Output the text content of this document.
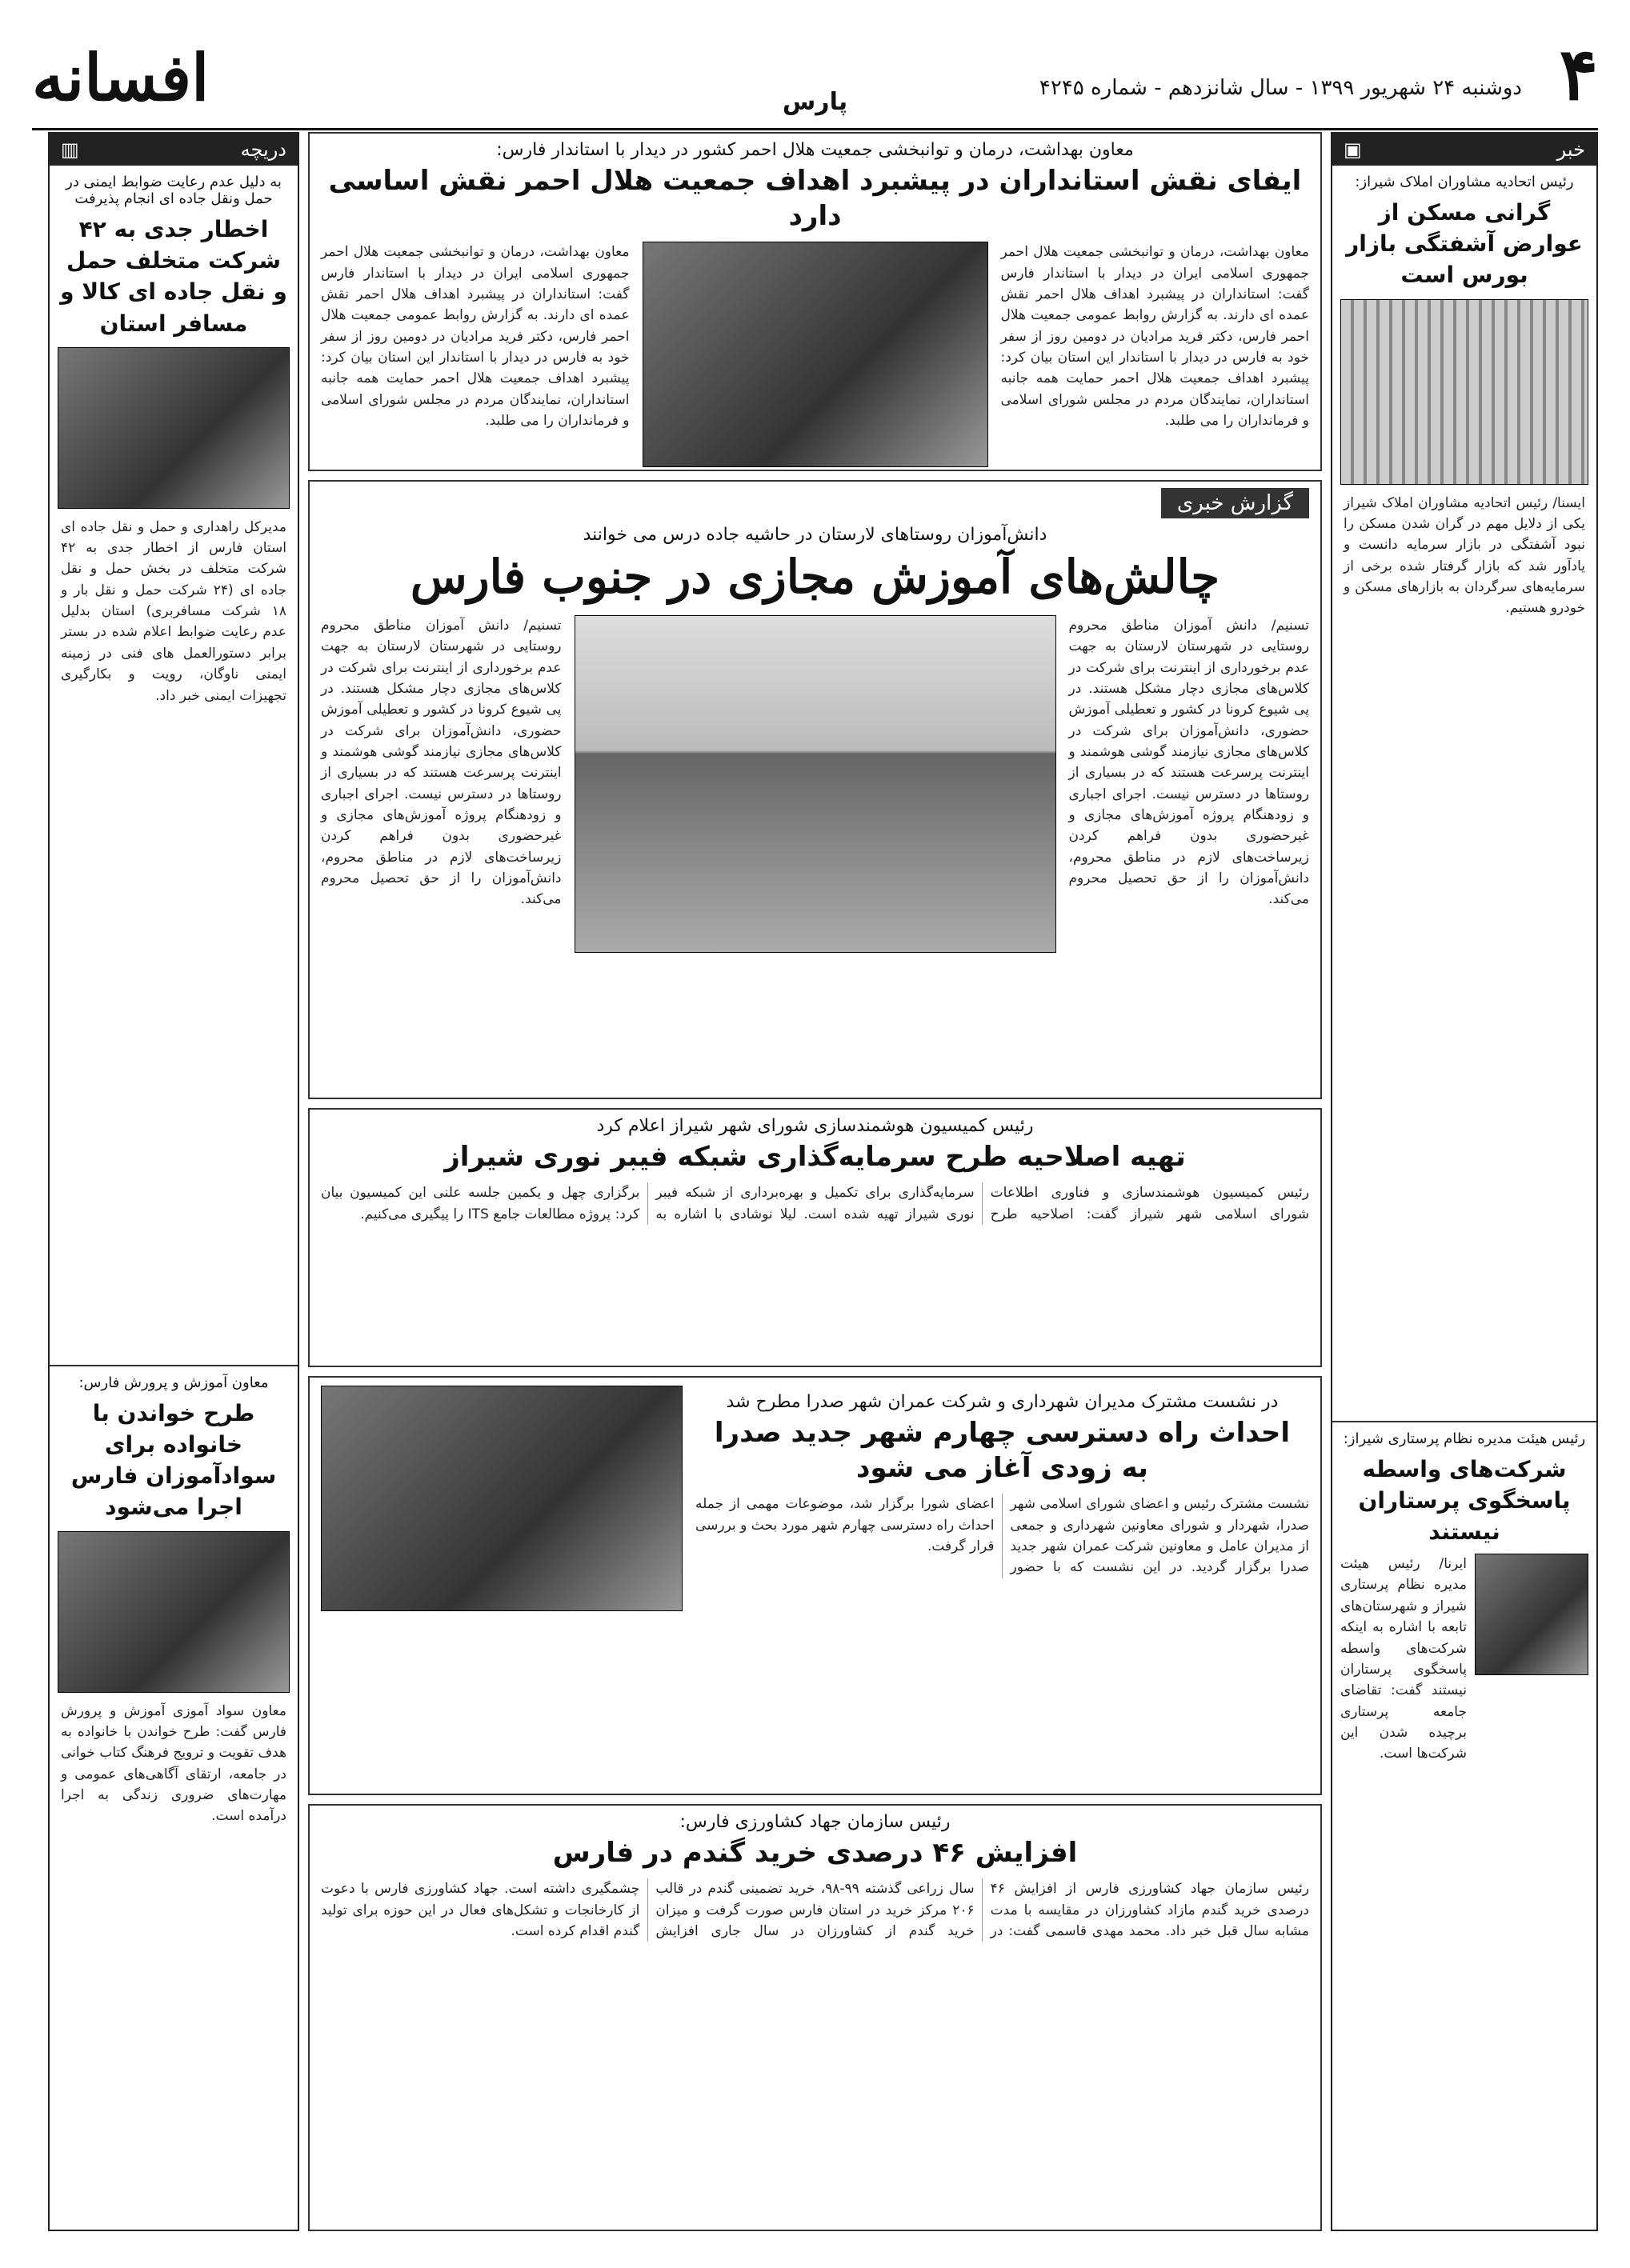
۴
دوشنبه ۲۴ شهریور ۱۳۹۹ - سال شانزدهم - شماره ۴۲۴۵
پارس
افسانه
خبر
▣
رئیس اتحادیه مشاوران املاک شیراز:
گرانی مسکن از عوارض آشفتگی بازار بورس است
ایسنا/ رئیس اتحادیه مشاوران املاک شیراز یکی از دلایل مهم در گران شدن مسکن را نبود آشفتگی در بازار سرمایه دانست و یادآور شد که بازار گرفتار شده برخی از سرمایه‌های سرگردان به بازارهای مسکن و خودرو هستیم.
رئیس هیئت مدیره نظام پرستاری شیراز:
شرکت‌های واسطه پاسخگوی پرستاران نیستند
ایرنا/ رئیس هیئت مدیره نظام پرستاری شیراز و شهرستان‌های تابعه با اشاره به اینکه شرکت‌های واسطه پاسخگوی پرستاران نیستند گفت: تقاضای جامعه پرستاری برچیده شدن این شرکت‌ها است.
دریچه
▥
به دلیل عدم رعایت ضوابط ایمنی در حمل ونقل جاده ای انجام پذیرفت
اخطار جدی به ۴۲ شرکت متخلف حمل و نقل جاده ای کالا و مسافر استان
مدیرکل راهداری و حمل و نقل جاده ای استان فارس از اخطار جدی به ۴۲ شرکت متخلف در بخش حمل و نقل جاده ای (۲۴ شرکت حمل و نقل بار و ۱۸ شرکت مسافربری) استان بدلیل عدم رعایت ضوابط اعلام شده در بستر برابر دستورالعمل های فنی در زمینه ایمنی ناوگان، رویت و بکارگیری تجهیزات ایمنی خبر داد.
معاون آموزش و پرورش فارس:
طرح خواندن با خانواده برای سوادآموزان فارس اجرا می‌شود
معاون سواد آموزی آموزش و پرورش فارس گفت: طرح خواندن با خانواده به هدف تقویت و ترویج فرهنگ کتاب خوانی در جامعه، ارتقای آگاهی‌های عمومی و مهارت‌های ضروری زندگی به اجرا درآمده است.
معاون بهداشت، درمان و توانبخشی جمعیت هلال احمر کشور در دیدار با استاندار فارس:
ایفای نقش استانداران در پیشبرد اهداف جمعیت هلال احمر نقش اساسی دارد
معاون بهداشت، درمان و توانبخشی جمعیت هلال احمر جمهوری اسلامی ایران در دیدار با استاندار فارس گفت: استانداران در پیشبرد اهداف هلال احمر نقش عمده ای دارند. به گزارش روابط عمومی جمعیت هلال احمر فارس، دکتر فرید مرادیان در دومین روز از سفر خود به فارس در دیدار با استاندار این استان بیان کرد: پیشبرد اهداف جمعیت هلال احمر حمایت همه جانبه استانداران، نمایندگان مردم در مجلس شورای اسلامی و فرمانداران را می طلبد.
معاون بهداشت، درمان و توانبخشی جمعیت هلال احمر جمهوری اسلامی ایران در دیدار با استاندار فارس گفت: استانداران در پیشبرد اهداف هلال احمر نقش عمده ای دارند. به گزارش روابط عمومی جمعیت هلال احمر فارس، دکتر فرید مرادیان در دومین روز از سفر خود به فارس در دیدار با استاندار این استان بیان کرد: پیشبرد اهداف جمعیت هلال احمر حمایت همه جانبه استانداران، نمایندگان مردم در مجلس شورای اسلامی و فرمانداران را می طلبد.
گزارش خبری
دانش‌آموزان روستاهای لارستان در حاشیه جاده درس می خوانند
چالش‌های آموزش مجازی در جنوب فارس
تسنیم/ دانش آموزان مناطق محروم روستایی در شهرستان لارستان به جهت عدم برخورداری از اینترنت برای شرکت در کلاس‌های مجازی دچار مشکل هستند. در پی شیوع کرونا در کشور و تعطیلی آموزش حضوری، دانش‌آموزان برای شرکت در کلاس‌های مجازی نیازمند گوشی هوشمند و اینترنت پرسرعت هستند که در بسیاری از روستاها در دسترس نیست. اجرای اجباری و زودهنگام پروژه آموزش‌های مجازی و غیرحضوری بدون فراهم کردن زیرساخت‌های لازم در مناطق محروم، دانش‌آموزان را از حق تحصیل محروم می‌کند.
تسنیم/ دانش آموزان مناطق محروم روستایی در شهرستان لارستان به جهت عدم برخورداری از اینترنت برای شرکت در کلاس‌های مجازی دچار مشکل هستند. در پی شیوع کرونا در کشور و تعطیلی آموزش حضوری، دانش‌آموزان برای شرکت در کلاس‌های مجازی نیازمند گوشی هوشمند و اینترنت پرسرعت هستند که در بسیاری از روستاها در دسترس نیست. اجرای اجباری و زودهنگام پروژه آموزش‌های مجازی و غیرحضوری بدون فراهم کردن زیرساخت‌های لازم در مناطق محروم، دانش‌آموزان را از حق تحصیل محروم می‌کند.
رئیس کمیسیون هوشمندسازی شورای شهر شیراز اعلام کرد
تهیه اصلاحیه طرح سرمایه‌گذاری شبکه فیبر نوری شیراز
رئیس کمیسیون هوشمندسازی و فناوری اطلاعات شورای اسلامی شهر شیراز گفت: اصلاحیه طرح سرمایه‌گذاری برای تکمیل و بهره‌برداری از شبکه فیبر نوری شیراز تهیه شده است. لیلا نوشادی با اشاره به برگزاری چهل و یکمین جلسه علنی این کمیسیون بیان کرد: پروژه مطالعات جامع ITS را پیگیری می‌کنیم.
در نشست مشترک مدیران شهرداری و شرکت عمران شهر صدرا مطرح شد
احداث راه دسترسی چهارم شهر جدید صدرا به زودی آغاز می شود
نشست مشترک رئیس و اعضای شورای اسلامی شهر صدرا، شهردار و شورای معاونین شهرداری و جمعی از مدیران عامل و معاونین شرکت عمران شهر جدید صدرا برگزار گردید. در این نشست که با حضور اعضای شورا برگزار شد، موضوعات مهمی از جمله احداث راه دسترسی چهارم شهر مورد بحث و بررسی قرار گرفت.
رئیس سازمان جهاد کشاورزی فارس:
افزایش ۴۶ درصدی خرید گندم در فارس
رئیس سازمان جهاد کشاورزی فارس از افزایش ۴۶ درصدی خرید گندم مازاد کشاورزان در مقایسه با مدت مشابه سال قبل خبر داد. محمد مهدی قاسمی گفت: در سال زراعی گذشته ۹۹-۹۸، خرید تضمینی گندم در قالب ۲۰۶ مرکز خرید در استان فارس صورت گرفت و میزان خرید گندم از کشاورزان در سال جاری افزایش چشمگیری داشته است. جهاد کشاورزی فارس با دعوت از کارخانجات و تشکل‌های فعال در این حوزه برای تولید گندم اقدام کرده است.
